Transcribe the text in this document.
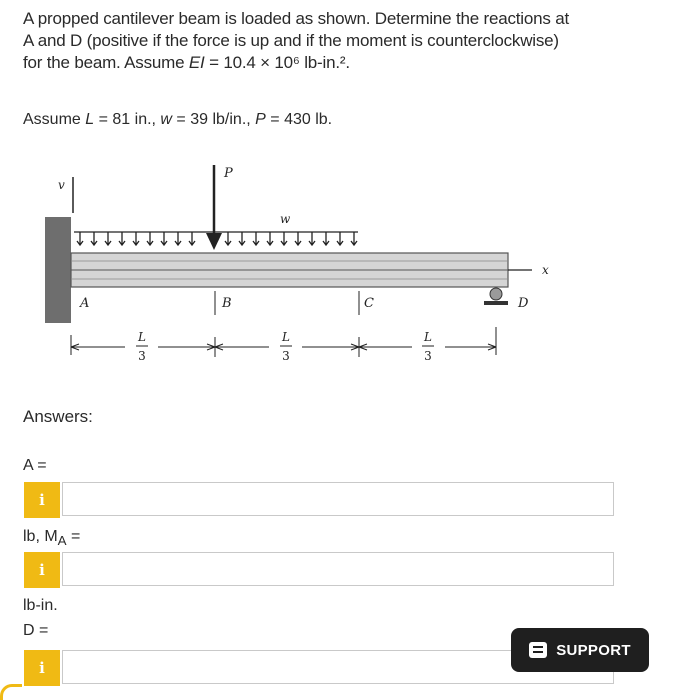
A propped cantilever beam is loaded as shown. Determine the reactions at
A and D (positive if the force is up and if the moment is counterclockwise)
for the beam. Assume EI = 10.4 × 10⁶ lb-in.².
Assume L = 81 in., w = 39 lb/in., P = 430 lb.
v
w
P
x
A	B	C	D
L
3
L
3
L
3
Answers:
A =
i
lb, $M_A$ =
i
lb-in.
D =
i
SUPPORT
